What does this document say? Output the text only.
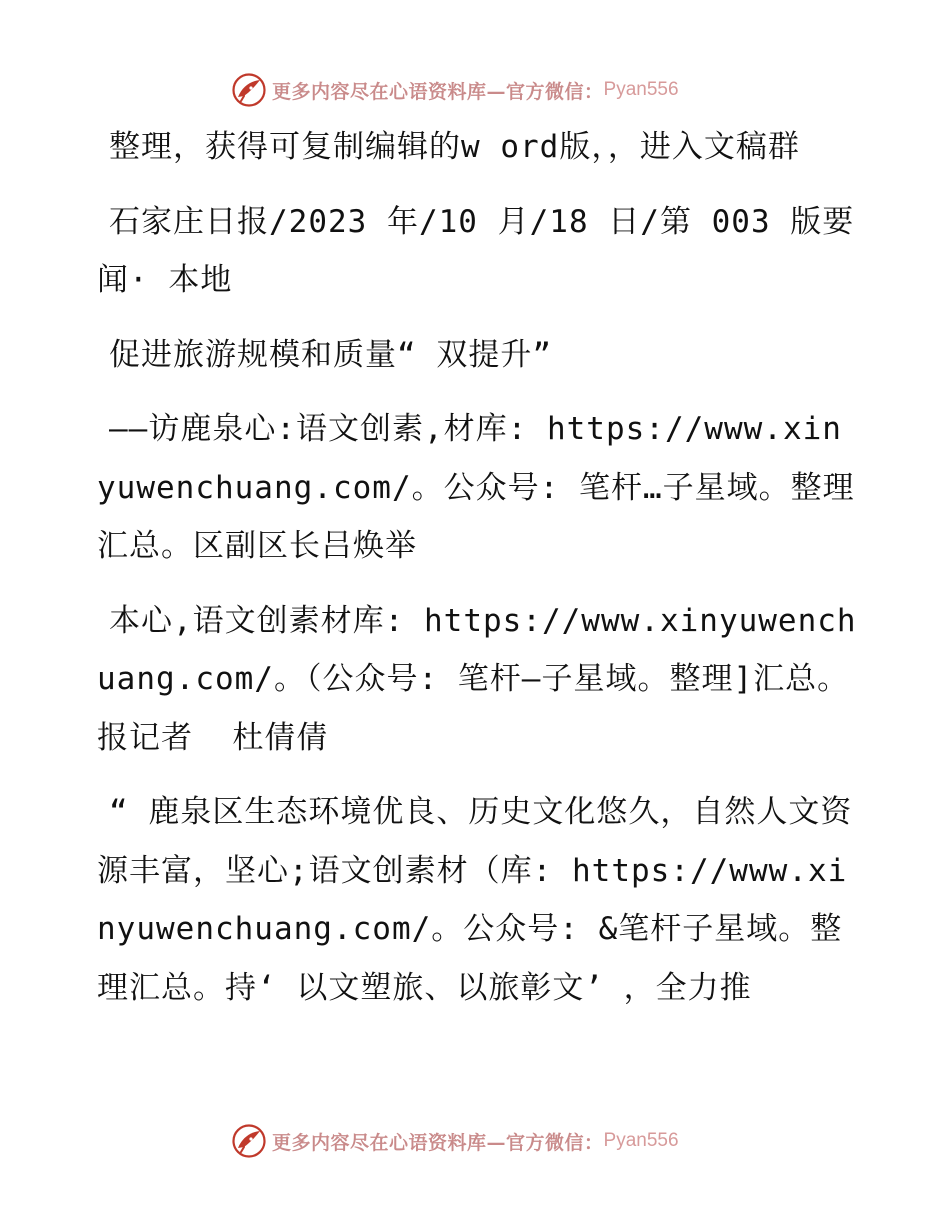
更多内容尽在心语资料库—官方微信： Pyan556

整理，获得可复制编辑的w ord版，，进入文稿群

石家庄日报/2023 年/10 月/18 日/第 003 版要闻· 本地

促进旅游规模和质量“ 双提升”

——访鹿泉心:语文创素,材库: https://www.xinyuwenchuang.com/。公众号: 笔杆…子星域。整理汇总。区副区长吕焕举

本心,语文创素材库: https://www.xinyuwenchuang.com/。（公众号: 笔杆—子星域。整理]汇总。报记者  杜倩倩

“ 鹿泉区生态环境优良、历史文化悠久，自然人文资源丰富，坚心;语文创素材（库: https://www.xinyuwenchuang.com/。公众号: &笔杆子星域。整理汇总。持‘ 以文塑旅、以旅彰文’ ，全力推

更多内容尽在心语资料库—官方微信： Pyan556
